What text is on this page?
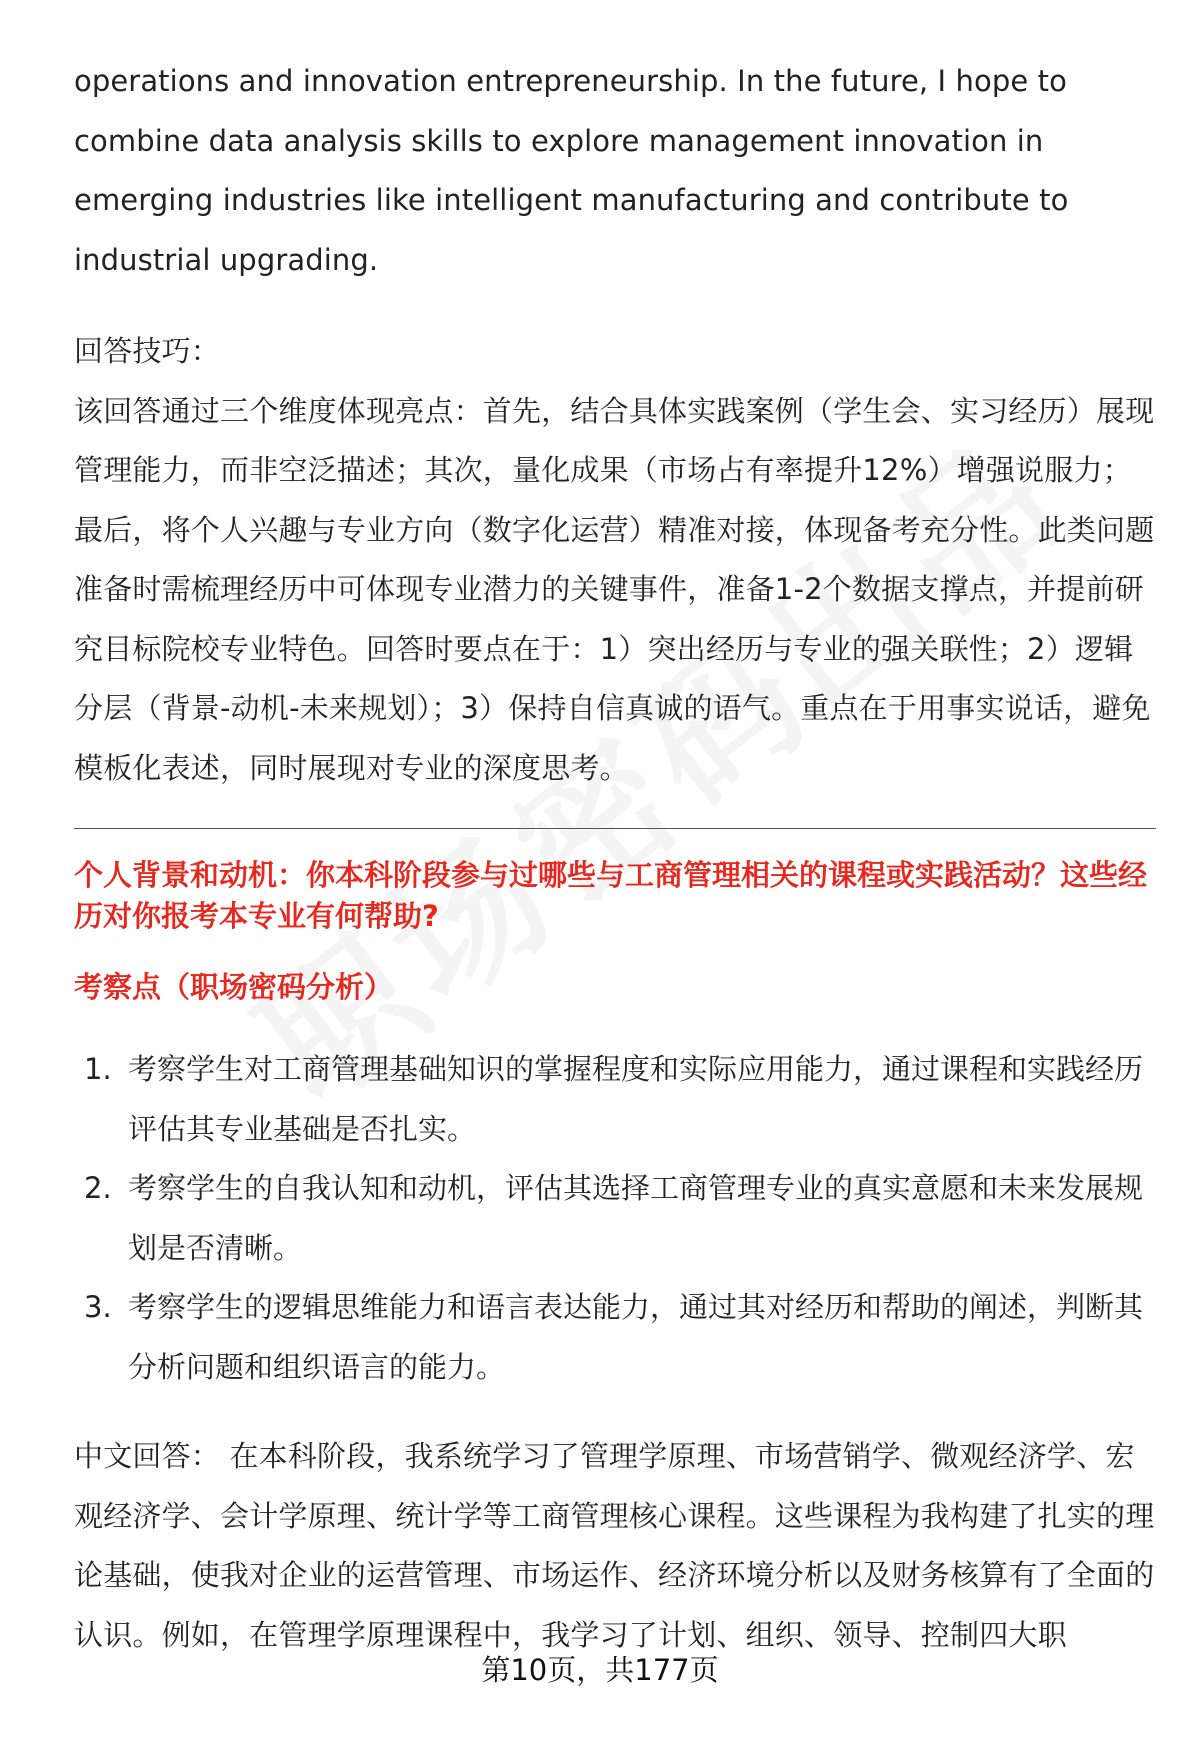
operations and innovation entrepreneurship. In the future, I hope to combine data analysis skills to explore management innovation in emerging industries like intelligent manufacturing and contribute to industrial upgrading.

回答技巧：

该回答通过三个维度体现亮点：首先，结合具体实践案例（学生会、实习经历）展现管理能力，而非空泛描述；其次，量化成果（市场占有率提升12%）增强说服力；最后，将个人兴趣与专业方向（数字化运营）精准对接，体现备考充分性。此类问题准备时需梳理经历中可体现专业潜力的关键事件，准备1-2个数据支撑点，并提前研究目标院校专业特色。回答时要点在于：1）突出经历与专业的强关联性；2）逻辑分层（背景-动机-未来规划）；3）保持自信真诚的语气。重点在于用事实说话，避免模板化表述，同时展现对专业的深度思考。

个人背景和动机：你本科阶段参与过哪些与工商管理相关的课程或实践活动？这些经历对你报考本专业有何帮助?

考察点（职场密码分析）

1. 考察学生对工商管理基础知识的掌握程度和实际应用能力，通过课程和实践经历评估其专业基础是否扎实。
2. 考察学生的自我认知和动机，评估其选择工商管理专业的真实意愿和未来发展规划是否清晰。
3. 考察学生的逻辑思维能力和语言表达能力，通过其对经历和帮助的阐述，判断其分析问题和组织语言的能力。

中文回答： 在本科阶段，我系统学习了管理学原理、市场营销学、微观经济学、宏观经济学、会计学原理、统计学等工商管理核心课程。这些课程为我构建了扎实的理论基础，使我对企业的运营管理、市场运作、经济环境分析以及财务核算有了全面的认识。例如，在管理学原理课程中，我学习了计划、组织、领导、控制四大职

第10页，共177页
